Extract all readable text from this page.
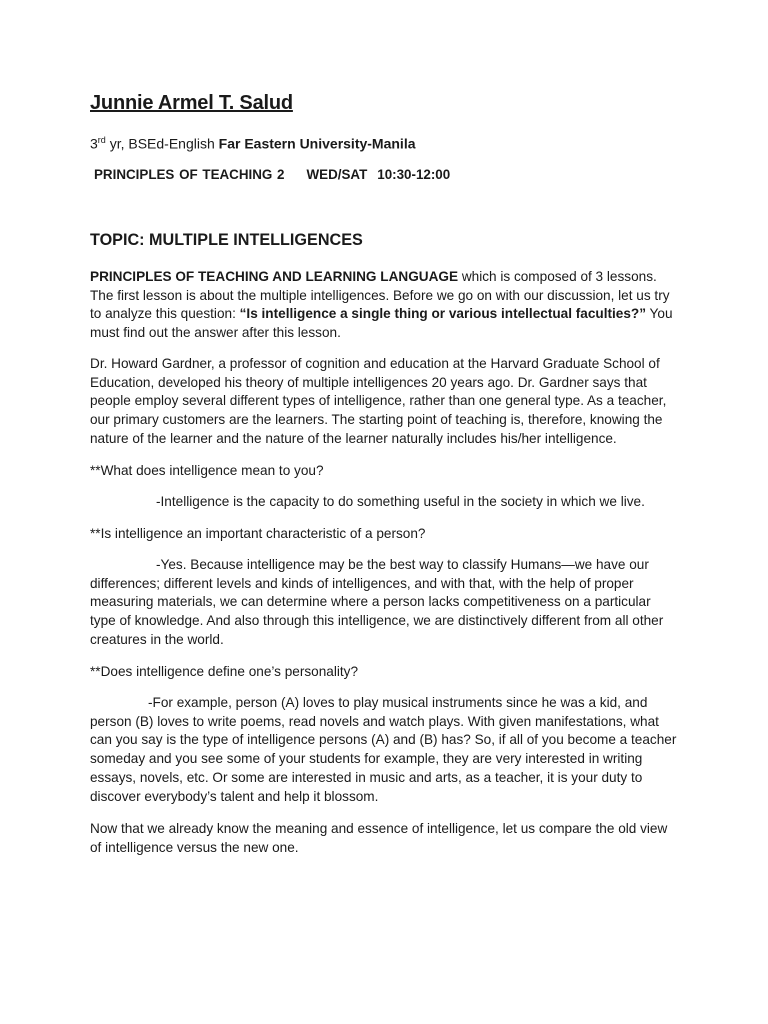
Junnie Armel T. Salud
3rd yr, BSEd-English Far Eastern University-Manila
PRINCIPLES OF TEACHING 2 WED/SAT 10:30-12:00
TOPIC: MULTIPLE INTELLIGENCES

PRINCIPLES OF TEACHING AND LEARNING LANGUAGE which is composed of 3 lessons. The first lesson is about the multiple intelligences. Before we go on with our discussion, let us try to analyze this question: “Is intelligence a single thing or various intellectual faculties?” You must find out the answer after this lesson.

Dr. Howard Gardner, a professor of cognition and education at the Harvard Graduate School of Education, developed his theory of multiple intelligences 20 years ago. Dr. Gardner says that people employ several different types of intelligence, rather than one general type. As a teacher, our primary customers are the learners. The starting point of teaching is, therefore, knowing the nature of the learner and the nature of the learner naturally includes his/her intelligence.

**What does intelligence mean to you?

-Intelligence is the capacity to do something useful in the society in which we live.

**Is intelligence an important characteristic of a person?

-Yes. Because intelligence may be the best way to classify Humans—we have our differences; different levels and kinds of intelligences, and with that, with the help of proper measuring materials, we can determine where a person lacks competitiveness on a particular type of knowledge. And also through this intelligence, we are distinctively different from all other creatures in the world.

**Does intelligence define one’s personality?

-For example, person (A) loves to play musical instruments since he was a kid, and person (B) loves to write poems, read novels and watch plays. With given manifestations, what can you say is the type of intelligence persons (A) and (B) has? So, if all of you become a teacher someday and you see some of your students for example, they are very interested in writing essays, novels, etc. Or some are interested in music and arts, as a teacher, it is your duty to discover everybody’s talent and help it blossom.

Now that we already know the meaning and essence of intelligence, let us compare the old view of intelligence versus the new one.
